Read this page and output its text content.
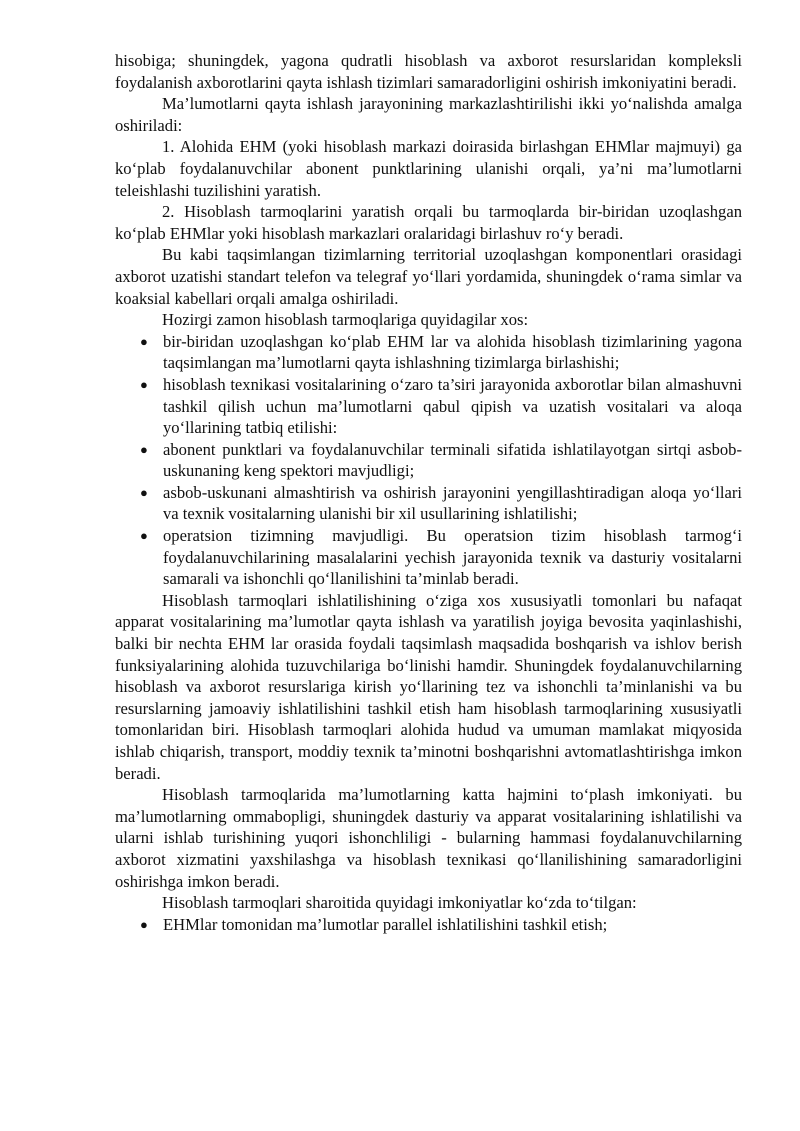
hisobiga; shuningdek, yagona qudratli hisoblash va axborot resurslaridan kompleksli foydalanish axborotlarini qayta ishlash tizimlari samaradorligini oshirish imkoniyatini beradi.

Ma’lumotlarni qayta ishlash jarayonining markazlashtirilishi ikki yo‘nalishda amalga oshiriladi:

1. Alohida EHM (yoki hisoblash markazi doirasida birlashgan EHMlar majmuyi) ga ko‘plab foydalanuvchilar abonent punktlarining ulanishi orqali, ya’ni ma’lumotlarni teleishlashi tuzilishini yaratish.

2. Hisoblash tarmoqlarini yaratish orqali bu tarmoqlarda bir-biridan uzoqlashgan ko‘plab EHMlar yoki hisoblash markazlari oralaridagi birlashuv ro‘y beradi.

Bu kabi taqsimlangan tizimlarning territorial uzoqlashgan komponentlari orasidagi axborot uzatishi standart telefon va telegraf yo‘llari yordamida, shuningdek o‘rama simlar va koaksial kabellari orqali amalga oshiriladi.

Hozirgi zamon hisoblash tarmoqlariga quyidagilar xos:

● bir-biridan uzoqlashgan ko‘plab EHM lar va alohida hisoblash tizimlarining yagona taqsimlangan ma’lumotlarni qayta ishlashning tizimlarga birlashishi;
● hisoblash texnikasi vositalarining o‘zaro ta’siri jarayonida axborotlar bilan almashuvni tashkil qilish uchun ma’lumotlarni qabul qipish va uzatish vositalari va aloqa yo‘llarining tatbiq etilishi:
● abonent punktlari va foydalanuvchilar terminali sifatida ishlatilayotgan sirtqi asbob-uskunaning keng spektori mavjudligi;
● asbob-uskunani almashtirish va oshirish jarayonini yengillashtiradigan aloqa yo‘llari va texnik vositalarning ulanishi bir xil usullarining ishlatilishi;
● operatsion tizimning mavjudligi. Bu operatsion tizim hisoblash tarmog‘i foydalanuvchilarining masalalarini yechish jarayonida texnik va dasturiy vositalarni samarali va ishonchli qo‘llanilishini ta’minlab beradi.

Hisoblash tarmoqlari ishlatilishining o‘ziga xos xususiyatli tomonlari bu nafaqat apparat vositalarining ma’lumotlar qayta ishlash va yaratilish joyiga bevosita yaqinlashishi, balki bir nechta EHM lar orasida foydali taqsimlash maqsadida boshqarish va ishlov berish funksiyalarining alohida tuzuvchilariga bo‘linishi hamdir. Shuningdek foydalanuvchilarning hisoblash va axborot resurslariga kirish yo‘llarining tez va ishonchli ta’minlanishi va bu resurslarning jamoaviy ishlatilishini tashkil etish ham hisoblash tarmoqlarining xususiyatli tomonlaridan biri. Hisoblash tarmoqlari alohida hudud va umuman mamlakat miqyosida ishlab chiqarish, transport, moddiy texnik ta’minotni boshqarishni avtomatlashtirishga imkon beradi.

Hisoblash tarmoqlarida ma’lumotlarning katta hajmini to‘plash imkoniyati. bu ma’lumotlarning ommabopligi, shuningdek dasturiy va apparat vositalarining ishlatilishi va ularni ishlab turishining yuqori ishonchliligi - bularning hammasi foydalanuvchilarning axborot xizmatini yaxshilashga va hisoblash texnikasi qo‘llanilishining samaradorligini oshirishga imkon beradi.

Hisoblash tarmoqlari sharoitida quyidagi imkoniyatlar ko‘zda to‘tilgan:

● EHMlar tomonidan ma’lumotlar parallel ishlatilishini tashkil etish;
